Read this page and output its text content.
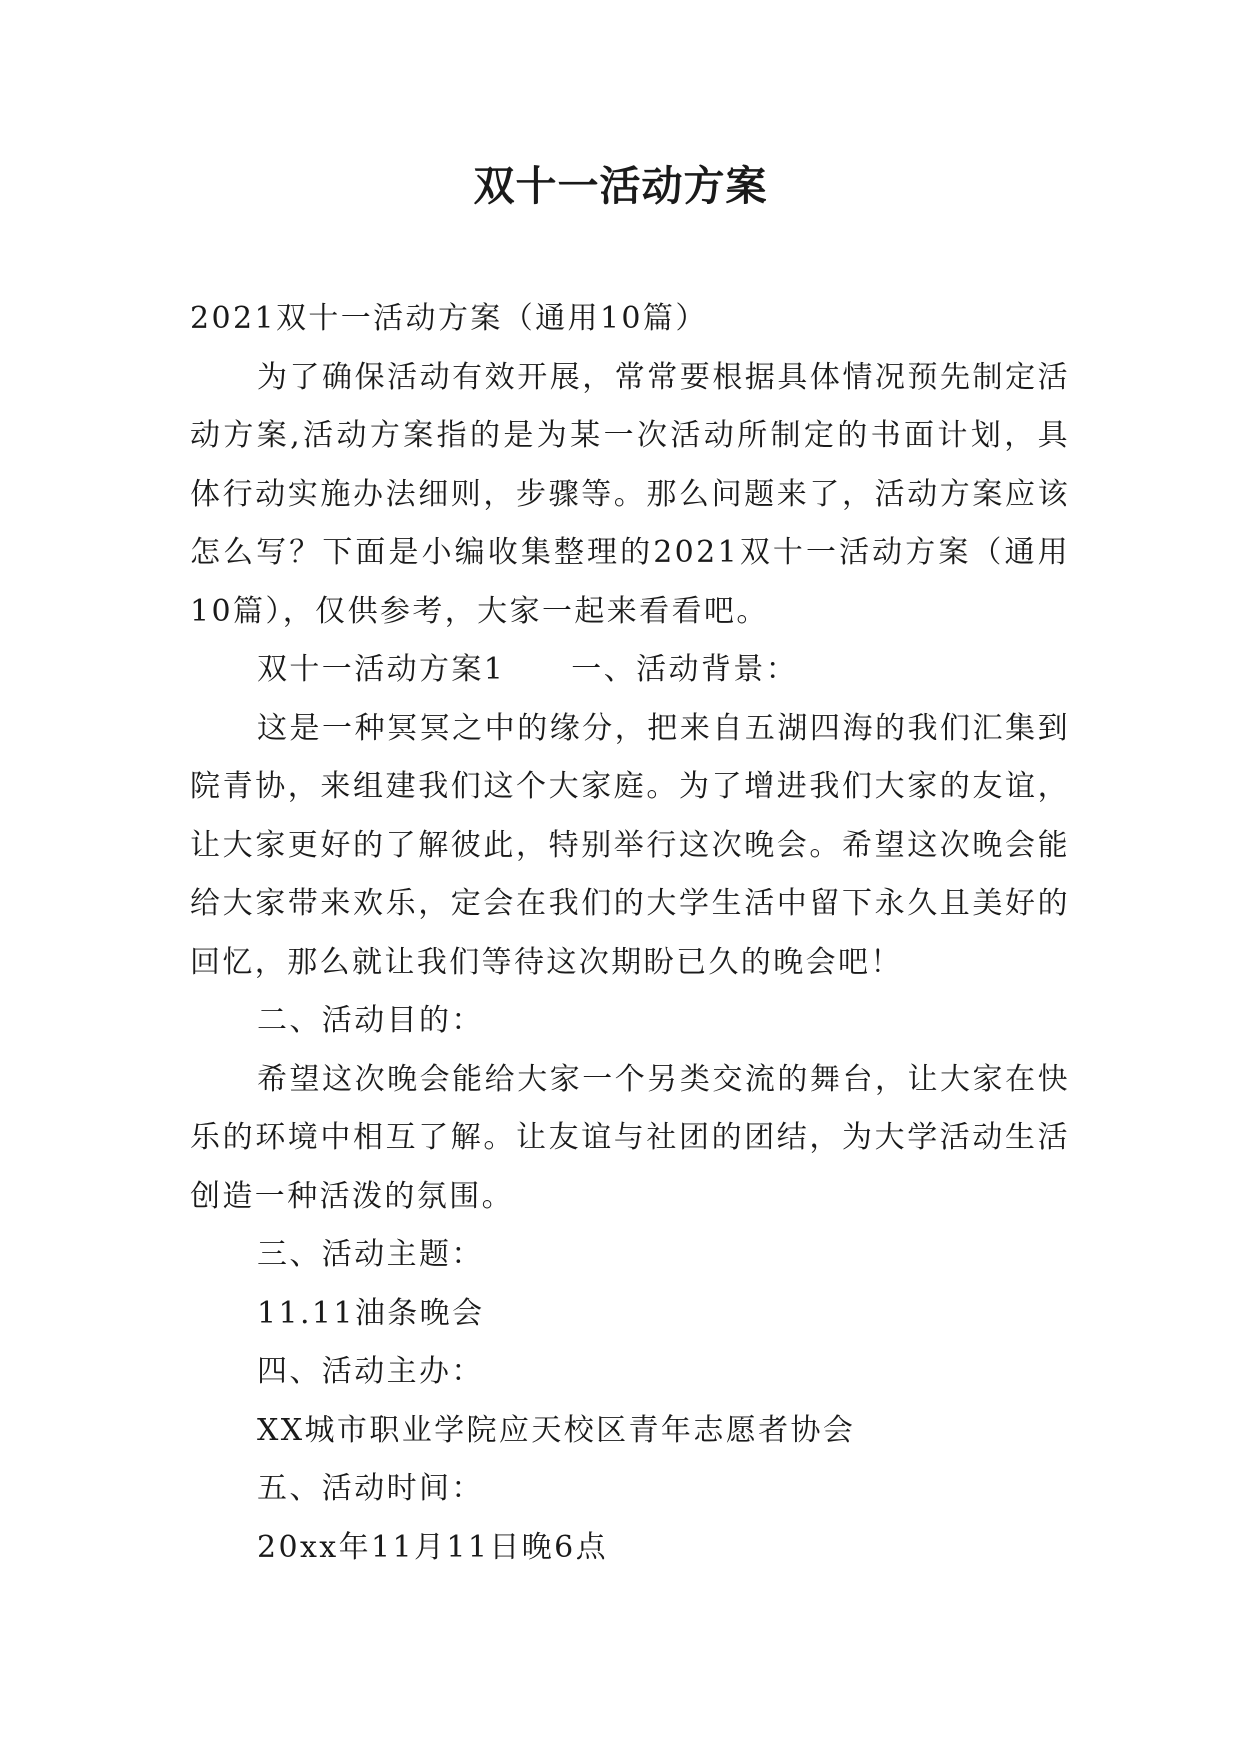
双十一活动方案

2021双十一活动方案（通用10篇）

为了确保活动有效开展，常常要根据具体情况预先制定活动方案,活动方案指的是为某一次活动所制定的书面计划，具体行动实施办法细则，步骤等。那么问题来了，活动方案应该怎么写？下面是小编收集整理的2021双十一活动方案（通用10篇），仅供参考，大家一起来看看吧。

双十一活动方案1 一、活动背景：

这是一种冥冥之中的缘分，把来自五湖四海的我们汇集到院青协，来组建我们这个大家庭。为了增进我们大家的友谊，让大家更好的了解彼此，特别举行这次晚会。希望这次晚会能给大家带来欢乐，定会在我们的大学生活中留下永久且美好的回忆，那么就让我们等待这次期盼已久的晚会吧！

二、活动目的：

希望这次晚会能给大家一个另类交流的舞台，让大家在快乐的环境中相互了解。让友谊与社团的团结，为大学活动生活创造一种活泼的氛围。

三、活动主题：

11.11油条晚会

四、活动主办：

XX城市职业学院应天校区青年志愿者协会

五、活动时间：

20xx年11月11日晚6点
